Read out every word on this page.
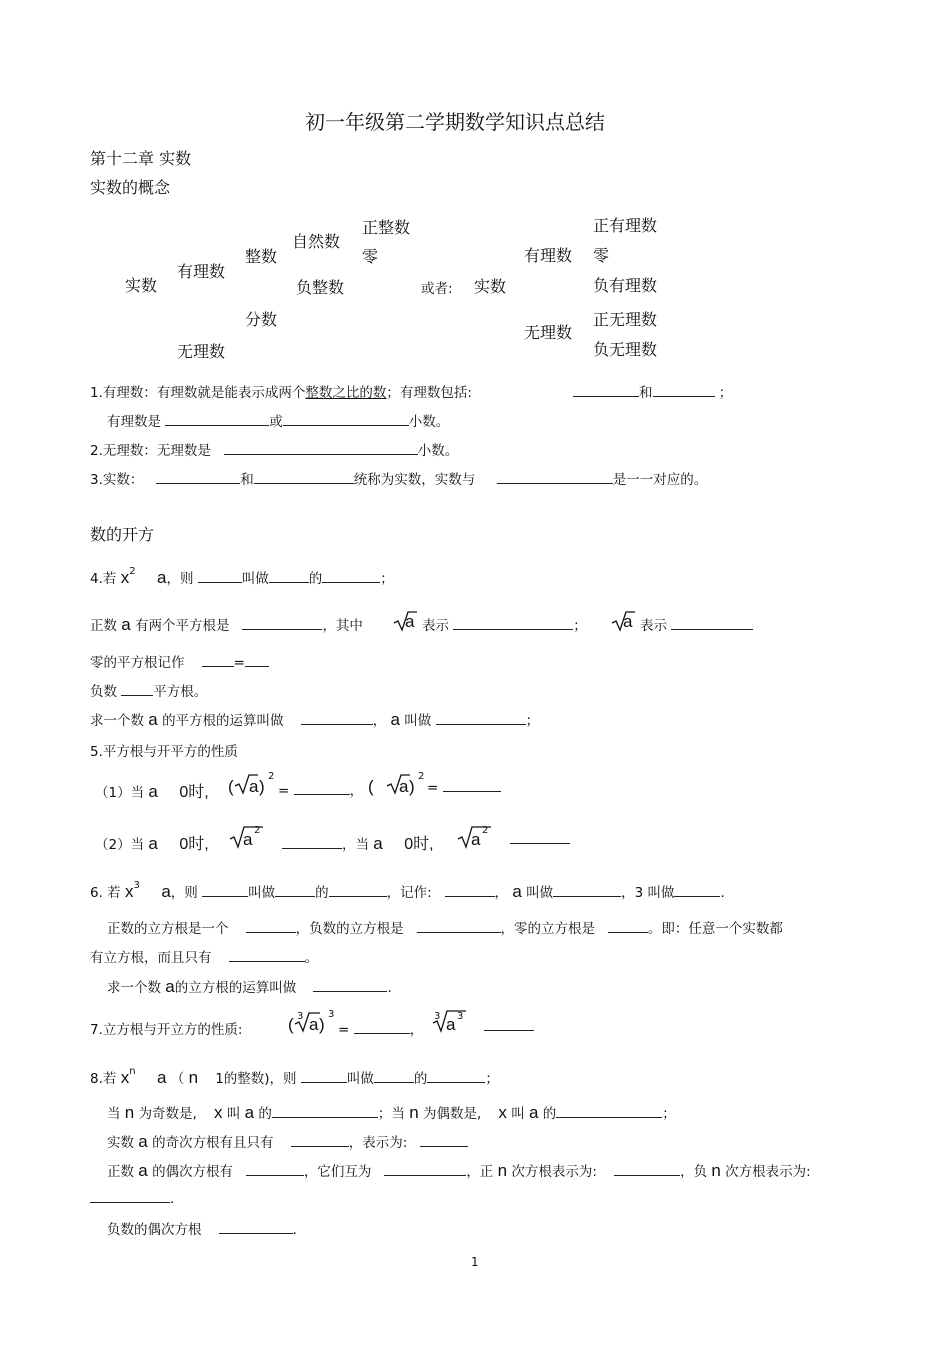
初一年级第二学期数学知识点总结
第十二章 实数
实数的概念
实数
有理数
无理数
整数
分数
自然数
负整数
正整数
零
或者: 实数
有理数
无理数
正有理数
零
负有理数
正无理数
负无理数
1.有理数：有理数就是能表示成两个整数之比的数；有理数包括:	和	；
有理数是	或	小数。
2.无理数：无理数是	小数。
3.实数：	和	统称为实数，实数与	是一一对应的。
数的开方
4.若 $x^2$ a，则	叫做	的	；
正数 a 有两个平方根是	，其中 a 表示	； a 表示
零的平方根记作	=
负数	平方根。
求一个数 a 的平方根的运算叫做	， a 叫做	；
5.平方根与开平方的性质
（1）当 a 0时, ( a )
2
=	， ( a )
2
=
（2）当 a 0时, a 2
，当 a 0时, a 2
6. 若 $x^3$ a，则	叫做	的	，记作:	， a 叫做	，3 叫做	.
正数的立方根是一个	，负数的立方根是	，零的立方根是	。即：任意一个实数都
有立方根，而且只有	。
求一个数 a的立方根的运算叫做	.
7.立方根与开立方的性质:	( 3 a )
3
=	，
3 a 3
8.若 $x^n$ a （ n 1的整数)，则	叫做	的	；
当 n 为奇数是, x 叫 a 的	；当 n 为偶数是, x 叫 a 的	；
实数 a 的奇次方根有且只有	，表示为:
正数 a 的偶次方根有	，它们互为	，正 n 次方根表示为:	，负 n 次方根表示为:
.
负数的偶次方根	.
1
